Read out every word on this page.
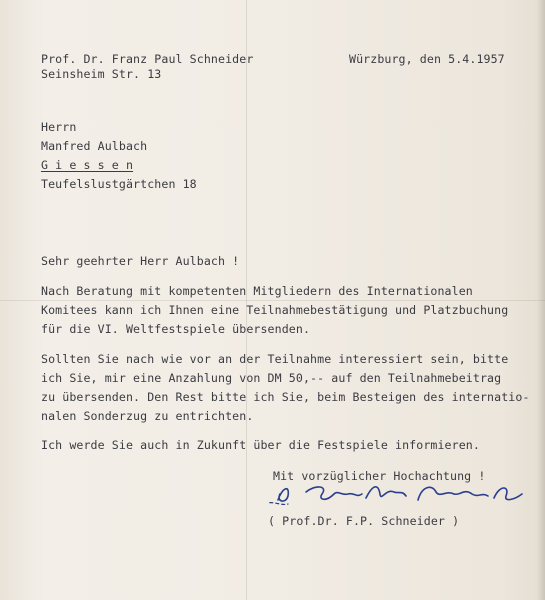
Prof. Dr. Franz Paul Schneider
Seinsheim Str. 13
Würzburg, den 5.4.1957
Herrn
Manfred Aulbach
G i e s s e n
Teufelslustgärtchen 18
Sehr geehrter Herr Aulbach !
Nach Beratung mit kompetenten Mitgliedern des Internationalen
Komitees kann ich Ihnen eine Teilnahmebestätigung und Platzbuchung
für die VI. Weltfestspiele übersenden.
Sollten Sie nach wie vor an der Teilnahme interessiert sein, bitte
ich Sie, mir eine Anzahlung von DM 50,-- auf den Teilnahmebeitrag
zu übersenden. Den Rest bitte ich Sie, beim Besteigen des internatio-
nalen Sonderzug zu entrichten.
Ich werde Sie auch in Zukunft über die Festspiele informieren.
Mit vorzüglicher Hochachtung !
( Prof.Dr. F.P. Schneider )
